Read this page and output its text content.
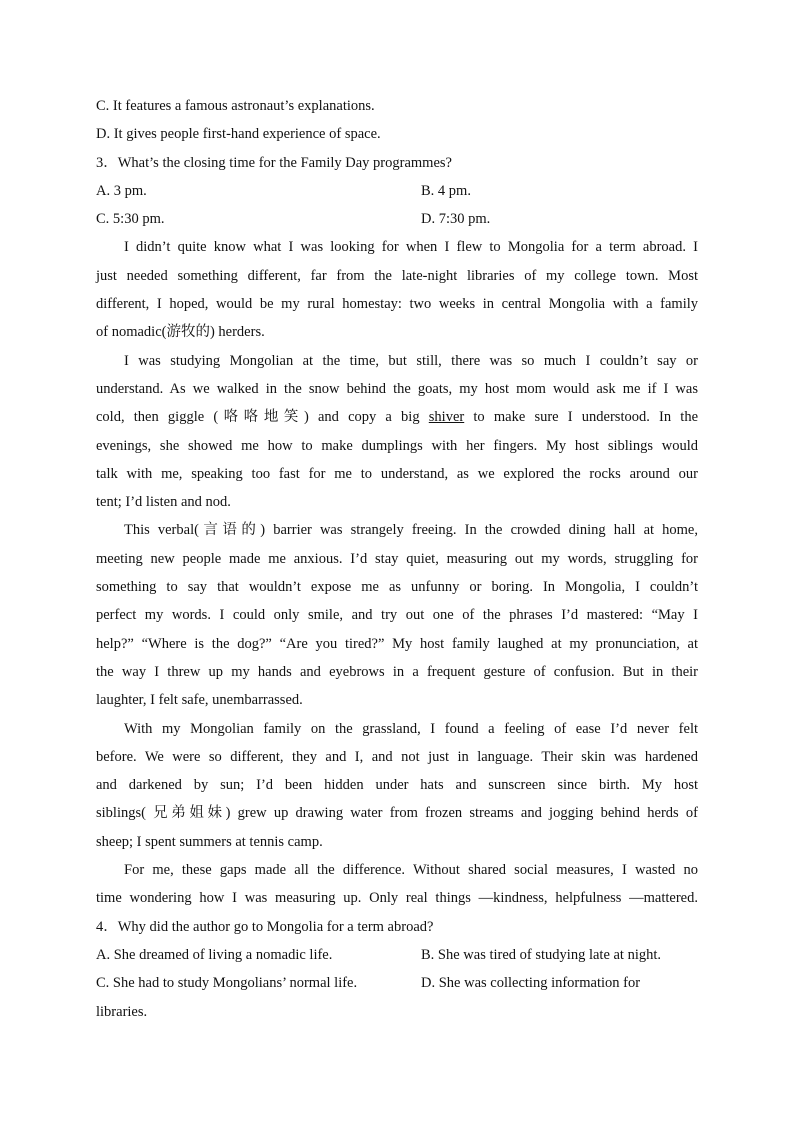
C. It features a famous astronaut’s explanations.
D. It gives people first-hand experience of space.
3．What’s the closing time for the Family Day programmes?
A. 3 pm.	B. 4 pm.
C. 5:30 pm.	D. 7:30 pm.
I didn’t quite know what I was looking for when I flew to Mongolia for a term abroad. I
just needed something different, far from the late-night libraries of my college town. Most
different, I hoped, would be my rural homestay: two weeks in central Mongolia with a family
of nomadic(游牧的) herders.
I was studying Mongolian at the time, but still, there was so much I couldn’t say or
understand. As we walked in the snow behind the goats, my host mom would ask me if I was
cold, then giggle (咯咯地笑) and copy a big shiver to make sure I understood. In the
evenings, she showed me how to make dumplings with her fingers. My host siblings would
talk with me, speaking too fast for me to understand, as we explored the rocks around our
tent; I’d listen and nod.
This verbal(言语的) barrier was strangely freeing. In the crowded dining hall at home,
meeting new people made me anxious. I’d stay quiet, measuring out my words, struggling for
something to say that wouldn’t expose me as unfunny or boring. In Mongolia, I couldn’t
perfect my words. I could only smile, and try out one of the phrases I’d mastered: “May I
help?” “Where is the dog?” “Are you tired?” My host family laughed at my pronunciation, at
the way I threw up my hands and eyebrows in a frequent gesture of confusion. But in their
laughter, I felt safe, unembarrassed.
With my Mongolian family on the grassland, I found a feeling of ease I’d never felt
before. We were so different, they and I, and not just in language. Their skin was hardened
and darkened by sun; I’d been hidden under hats and sunscreen since birth. My host
siblings( 兄弟姐妹) grew up drawing water from frozen streams and jogging behind herds of
sheep; I spent summers at tennis camp.
For me, these gaps made all the difference. Without shared social measures, I wasted no
time wondering how I was measuring up. Only real things —kindness, helpfulness —mattered.
4．Why did the author go to Mongolia for a term abroad?
A. She dreamed of living a nomadic life.	B. She was tired of studying late at night.
C. She had to study Mongolians’ normal life.	D. She was collecting information for
libraries.
